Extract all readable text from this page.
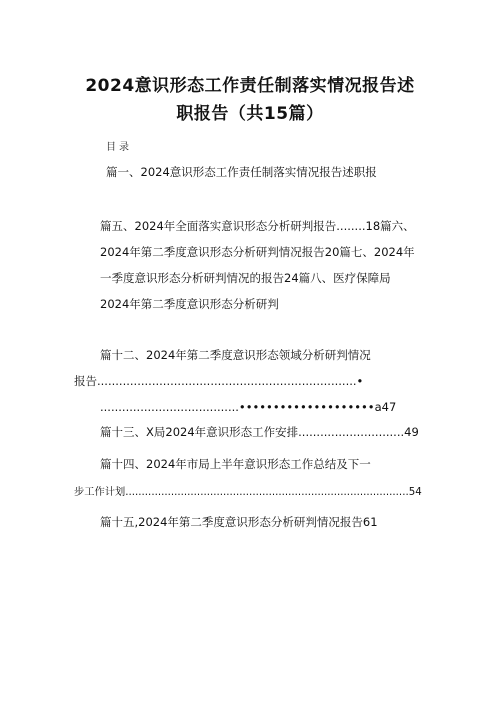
2024意识形态工作责任制落实情况报告述
职报告（共15篇）
目录
篇一、2024意识形态工作责任制落实情况报告述职报
篇五、2024年全面落实意识形态分析研判报告........18篇六、
2024年第二季度意识形态分析研判情况报告20篇七、2024年
一季度意识形态分析研判情况的报告24篇八、医疗保障局
2024年第二季度意识形态分析研判
篇十二、2024年第二季度意识形态领域分析研判情况
报告.......................................................................•
......................................••••••••••••••••••••a47
篇十三、X局2024年意识形态工作安排.............................49
篇十四、2024年市局上半年意识形态工作总结及下一
步工作计划.......................................................................................54
篇十五,2024年第二季度意识形态分析研判情况报告61
